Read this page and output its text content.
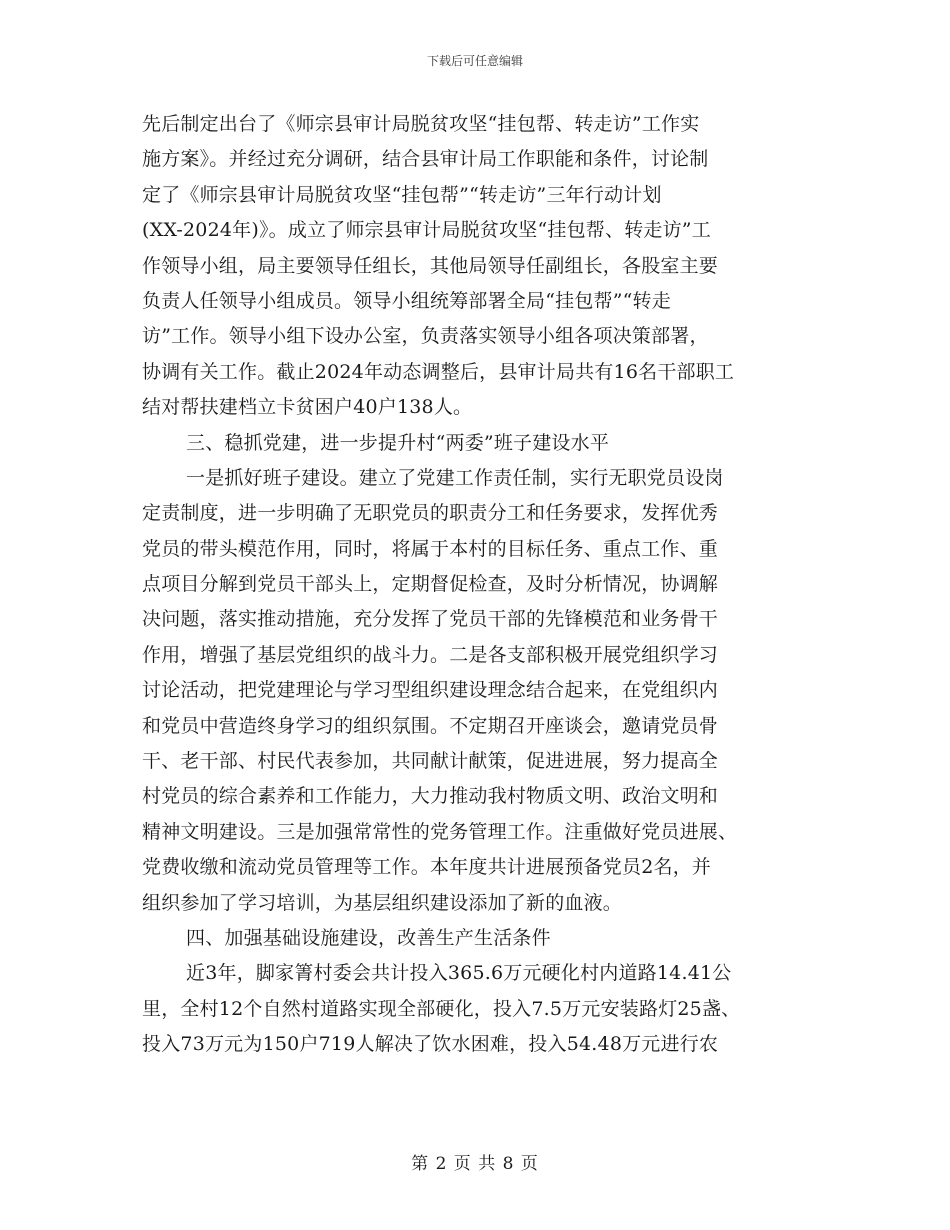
下载后可任意编辑
先后制定出台了《师宗县审计局脱贫攻坚“挂包帮、转走访”工作实
施方案》。并经过充分调研，结合县审计局工作职能和条件，讨论制
定了《师宗县审计局脱贫攻坚“挂包帮”“转走访”三年行动计划
(XX-2024年)》。成立了师宗县审计局脱贫攻坚“挂包帮、转走访”工
作领导小组，局主要领导任组长，其他局领导任副组长，各股室主要
负责人任领导小组成员。领导小组统筹部署全局“挂包帮”“转走
访”工作。领导小组下设办公室，负责落实领导小组各项决策部署，
协调有关工作。截止2024年动态调整后，县审计局共有16名干部职工
结对帮扶建档立卡贫困户40户138人。
三、稳抓党建，进一步提升村“两委”班子建设水平
一是抓好班子建设。建立了党建工作责任制，实行无职党员设岗
定责制度，进一步明确了无职党员的职责分工和任务要求，发挥优秀
党员的带头模范作用，同时，将属于本村的目标任务、重点工作、重
点项目分解到党员干部头上，定期督促检查，及时分析情况，协调解
决问题，落实推动措施，充分发挥了党员干部的先锋模范和业务骨干
作用，增强了基层党组织的战斗力。二是各支部积极开展党组织学习
讨论活动，把党建理论与学习型组织建设理念结合起来，在党组织内
和党员中营造终身学习的组织氛围。不定期召开座谈会，邀请党员骨
干、老干部、村民代表参加，共同献计献策，促进进展，努力提高全
村党员的综合素养和工作能力，大力推动我村物质文明、政治文明和
精神文明建设。三是加强常常性的党务管理工作。注重做好党员进展、
党费收缴和流动党员管理等工作。本年度共计进展预备党员2名，并
组织参加了学习培训，为基层组织建设添加了新的血液。
四、加强基础设施建设，改善生产生活条件
近3年，脚家箐村委会共计投入365.6万元硬化村内道路14.41公
里，全村12个自然村道路实现全部硬化，投入7.5万元安装路灯25盏、
投入73万元为150户719人解决了饮水困难，投入54.48万元进行农
第 2 页 共 8 页
